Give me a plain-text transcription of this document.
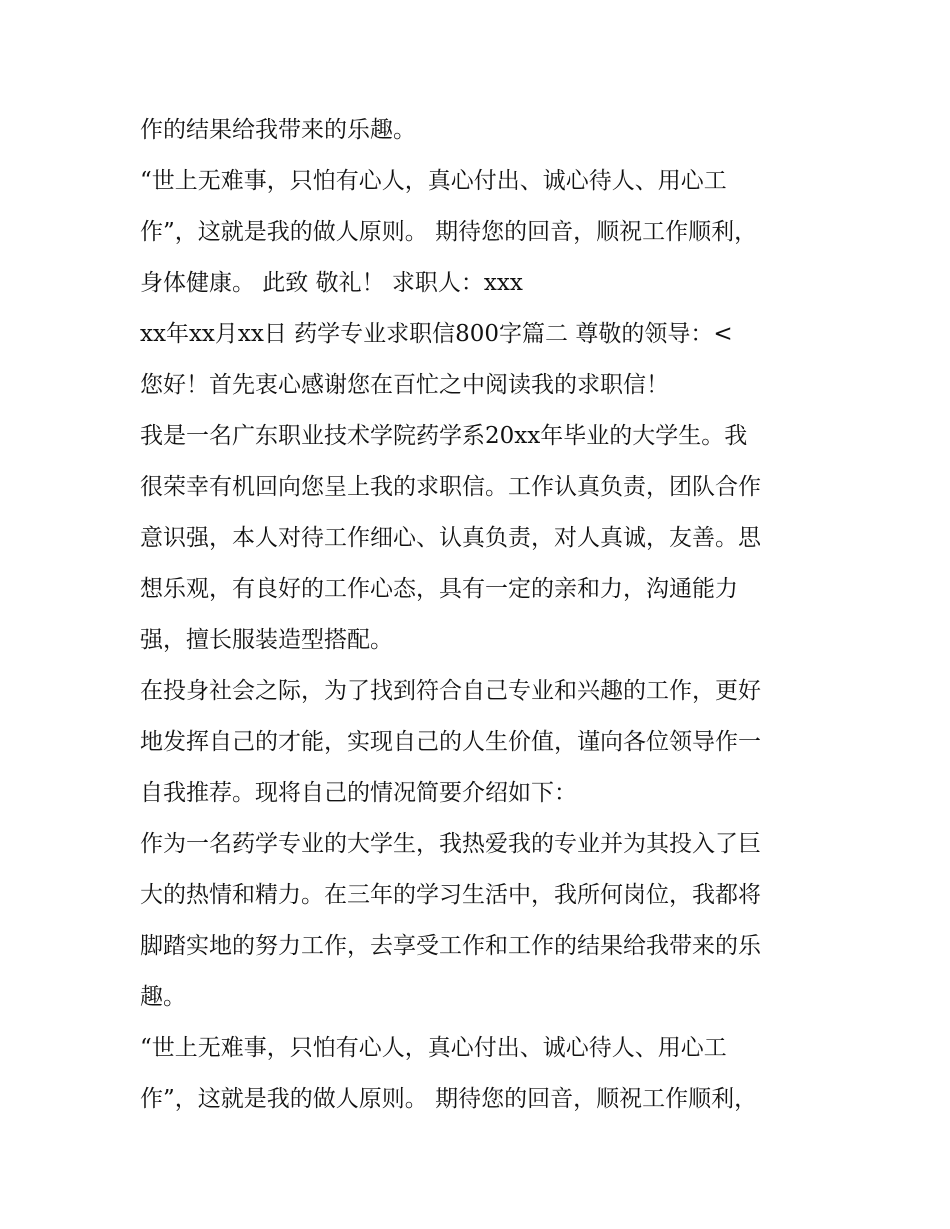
作的结果给我带来的乐趣。
“世上无难事，只怕有心人，真心付出、诚心待人、用心工
作”，这就是我的做人原则。 期待您的回音，顺祝工作顺利，
身体健康。 此致 敬礼！ 求职人：xxx
xx年xx月xx日 药学专业求职信800字篇二 尊敬的领导：<
您好！首先衷心感谢您在百忙之中阅读我的求职信！
我是一名广东职业技术学院药学系20xx年毕业的大学生。我
很荣幸有机回向您呈上我的求职信。工作认真负责，团队合作
意识强，本人对待工作细心、认真负责，对人真诚，友善。思
想乐观，有良好的工作心态，具有一定的亲和力，沟通能力
强，擅长服装造型搭配。
在投身社会之际，为了找到符合自己专业和兴趣的工作，更好
地发挥自己的才能，实现自己的人生价值，谨向各位领导作一
自我推荐。现将自己的情况简要介绍如下：
作为一名药学专业的大学生，我热爱我的专业并为其投入了巨
大的热情和精力。在三年的学习生活中，我所何岗位，我都将
脚踏实地的努力工作，去享受工作和工作的结果给我带来的乐
趣。
“世上无难事，只怕有心人，真心付出、诚心待人、用心工
作”，这就是我的做人原则。 期待您的回音，顺祝工作顺利，
